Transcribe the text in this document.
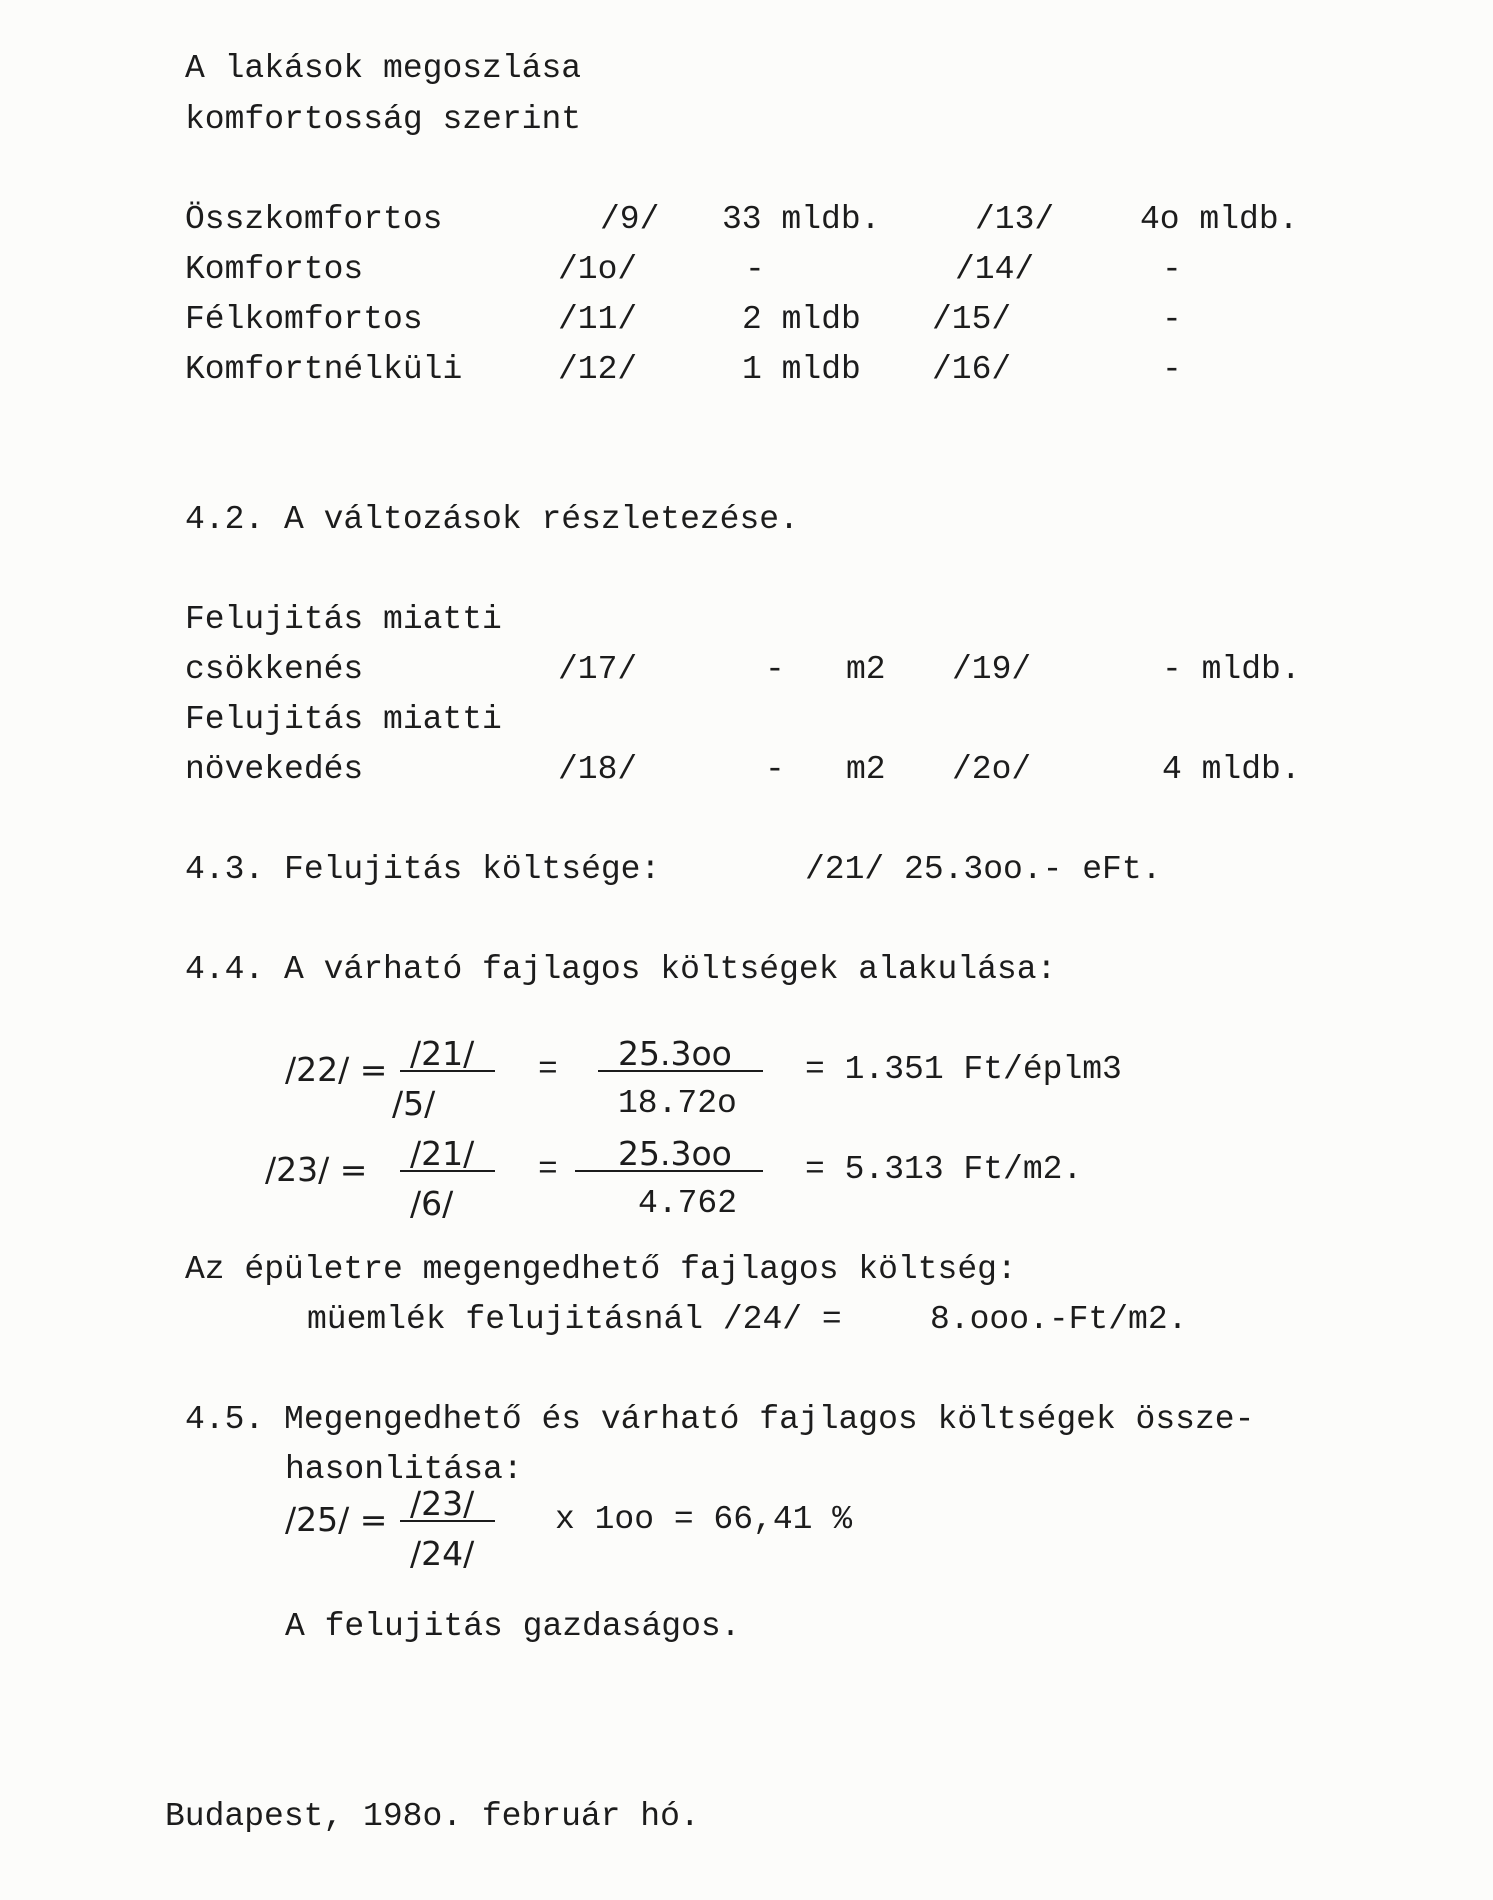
A lakások megoszlása
komfortosság szerint
Összkomfortos	/9/ 33 mldb.	/13/	4o mldb.
Komfortos	/1o/	-	/14/	-
Félkomfortos	/11/	2 mldb /15/	-
Komfortnélküli	/12/	1 mldb /16/	-
4.2. A változások részletezése.
Felujitás miatti
csökkenés	/17/	- m2 /19/	- mldb.
Felujitás miatti
növekedés	/18/	- m2 /2o/	4 mldb.
4.3. Felujitás költsége:	/21/ 25.3oo.- eFt.
4.4. A várható fajlagos költségek alakulása:
/22/ = /21/
/5/
= 25.3oo
18.72o
= 1.351 Ft/éplm3
/23/ = /21/
/6/
= 25.3oo
4.762
= 5.313 Ft/m2.
Az épületre megengedhető fajlagos költség:
müemlék felujitásnál /24/ =	8.ooo.-Ft/m2.
4.5. Megengedhető és várható fajlagos költségek össze-
hasonlitása:
/25/ = /23/
/24/
x 1oo = 66,41 %
A felujitás gazdaságos.
Budapest, 198o. február hó.
